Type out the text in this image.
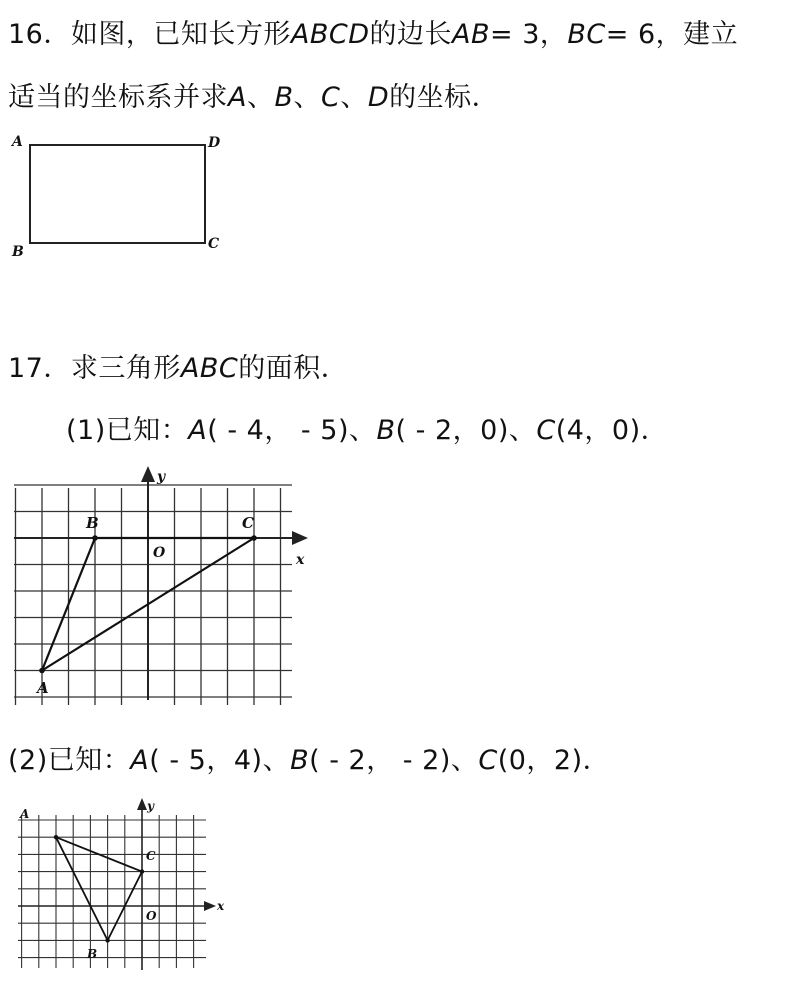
16．如图，已知长方形ABCD的边长AB= 3，BC= 6，建立
适当的坐标系并求A、B、C、D的坐标．
17．求三角形ABC的面积．
(1)已知：A( - 4， - 5)、B( - 2，0)、C(4，0)．
(2)已知：A( - 5，4)、B( - 2， - 2)、C(0，2)．
A	D
B	C
y
x
O
B	C
A
y
x
O
A
B
C
